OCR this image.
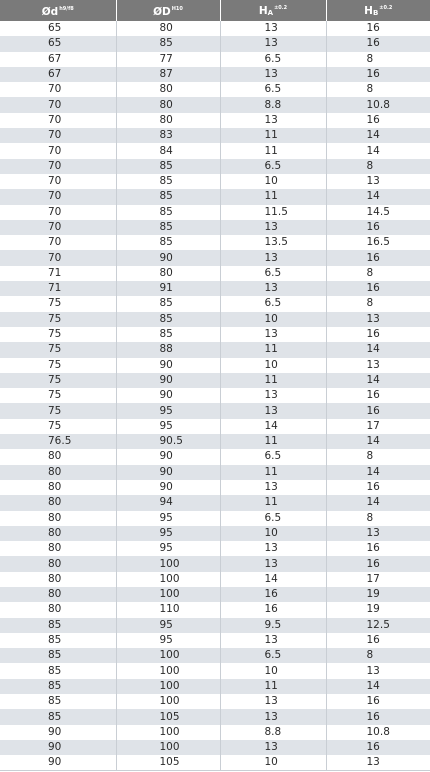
$Ød^{h9/f8}$	$ØD^{H10}$	$H_A^{\pm 0.2}$	$H_B^{\pm 0.2}$
65	80	13	16
65	85	13	16
67	77	6.5	8
67	87	13	16
70	80	6.5	8
70	80	8.8	10.8
70	80	13	16
70	83	11	14
70	84	11	14
70	85	6.5	8
70	85	10	13
70	85	11	14
70	85	11.5	14.5
70	85	13	16
70	85	13.5	16.5
70	90	13	16
71	80	6.5	8
71	91	13	16
75	85	6.5	8
75	85	10	13
75	85	13	16
75	88	11	14
75	90	10	13
75	90	11	14
75	90	13	16
75	95	13	16
75	95	14	17
76.5	90.5	11	14
80	90	6.5	8
80	90	11	14
80	90	13	16
80	94	11	14
80	95	6.5	8
80	95	10	13
80	95	13	16
80	100	13	16
80	100	14	17
80	100	16	19
80	110	16	19
85	95	9.5	12.5
85	95	13	16
85	100	6.5	8
85	100	10	13
85	100	11	14
85	100	13	16
85	105	13	16
90	100	8.8	10.8
90	100	13	16
90	105	10	13
